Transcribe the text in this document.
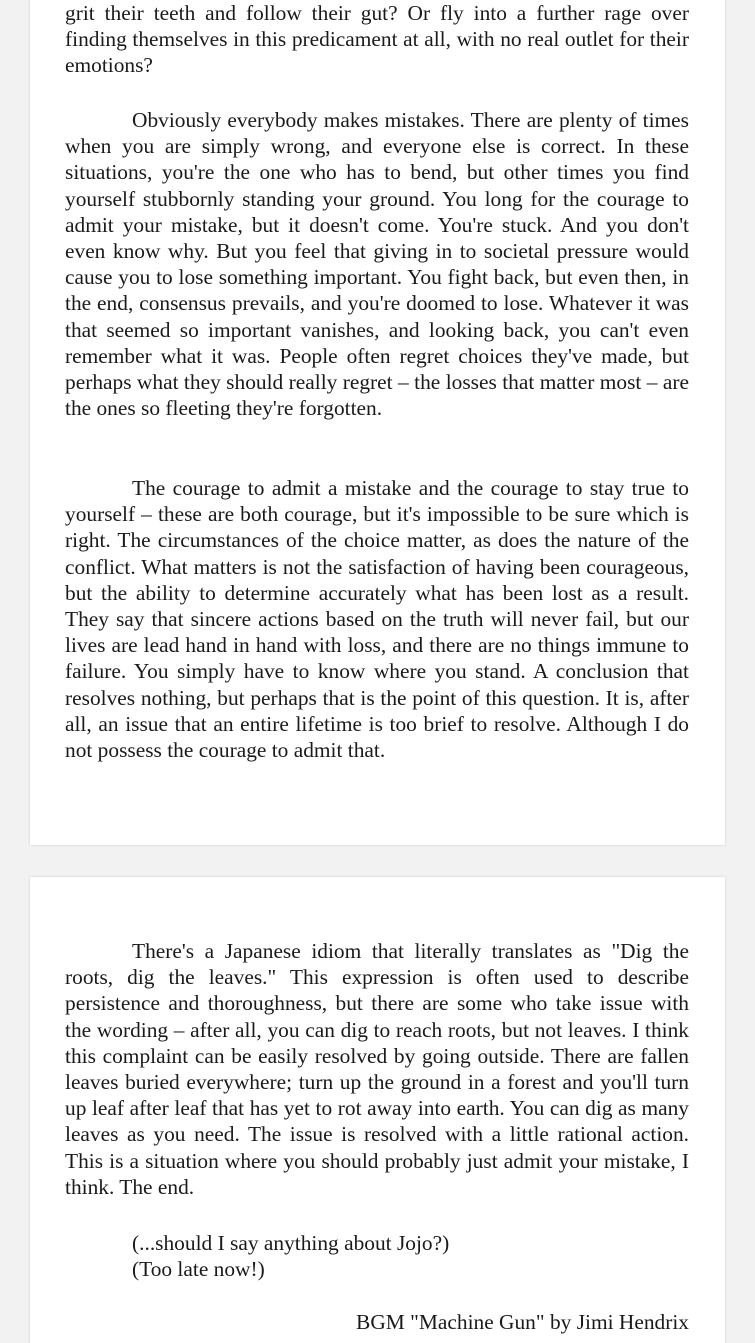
grit their teeth and follow their gut? Or fly into a further rage over finding themselves in this predicament at all, with no real outlet for their emotions?

Obviously everybody makes mistakes. There are plenty of times when you are simply wrong, and everyone else is correct. In these situations, you're the one who has to bend, but other times you find yourself stubbornly standing your ground. You long for the courage to admit your mistake, but it doesn't come. You're stuck. And you don't even know why. But you feel that giving in to societal pressure would cause you to lose something important. You fight back, but even then, in the end, consensus prevails, and you're doomed to lose. Whatever it was that seemed so important vanishes, and looking back, you can't even remember what it was. People often regret choices they've made, but perhaps what they should really regret – the losses that matter most – are the ones so fleeting they're forgotten.

The courage to admit a mistake and the courage to stay true to yourself – these are both courage, but it's impossible to be sure which is right. The circumstances of the choice matter, as does the nature of the conflict. What matters is not the satisfaction of having been courageous, but the ability to determine accurately what has been lost as a result. They say that sincere actions based on the truth will never fail, but our lives are lead hand in hand with loss, and there are no things immune to failure. You simply have to know where you stand. A conclusion that resolves nothing, but perhaps that is the point of this question. It is, after all, an issue that an entire lifetime is too brief to resolve. Although I do not possess the courage to admit that.

There's a Japanese idiom that literally translates as "Dig the roots, dig the leaves." This expression is often used to describe persistence and thoroughness, but there are some who take issue with the wording – after all, you can dig to reach roots, but not leaves. I think this complaint can be easily resolved by going outside. There are fallen leaves buried everywhere; turn up the ground in a forest and you'll turn up leaf after leaf that has yet to rot away into earth. You can dig as many leaves as you need. The issue is resolved with a little rational action. This is a situation where you should probably just admit your mistake, I think. The end.

(...should I say anything about Jojo?)

(Too late now!)

BGM "Machine Gun" by Jimi Hendrix
